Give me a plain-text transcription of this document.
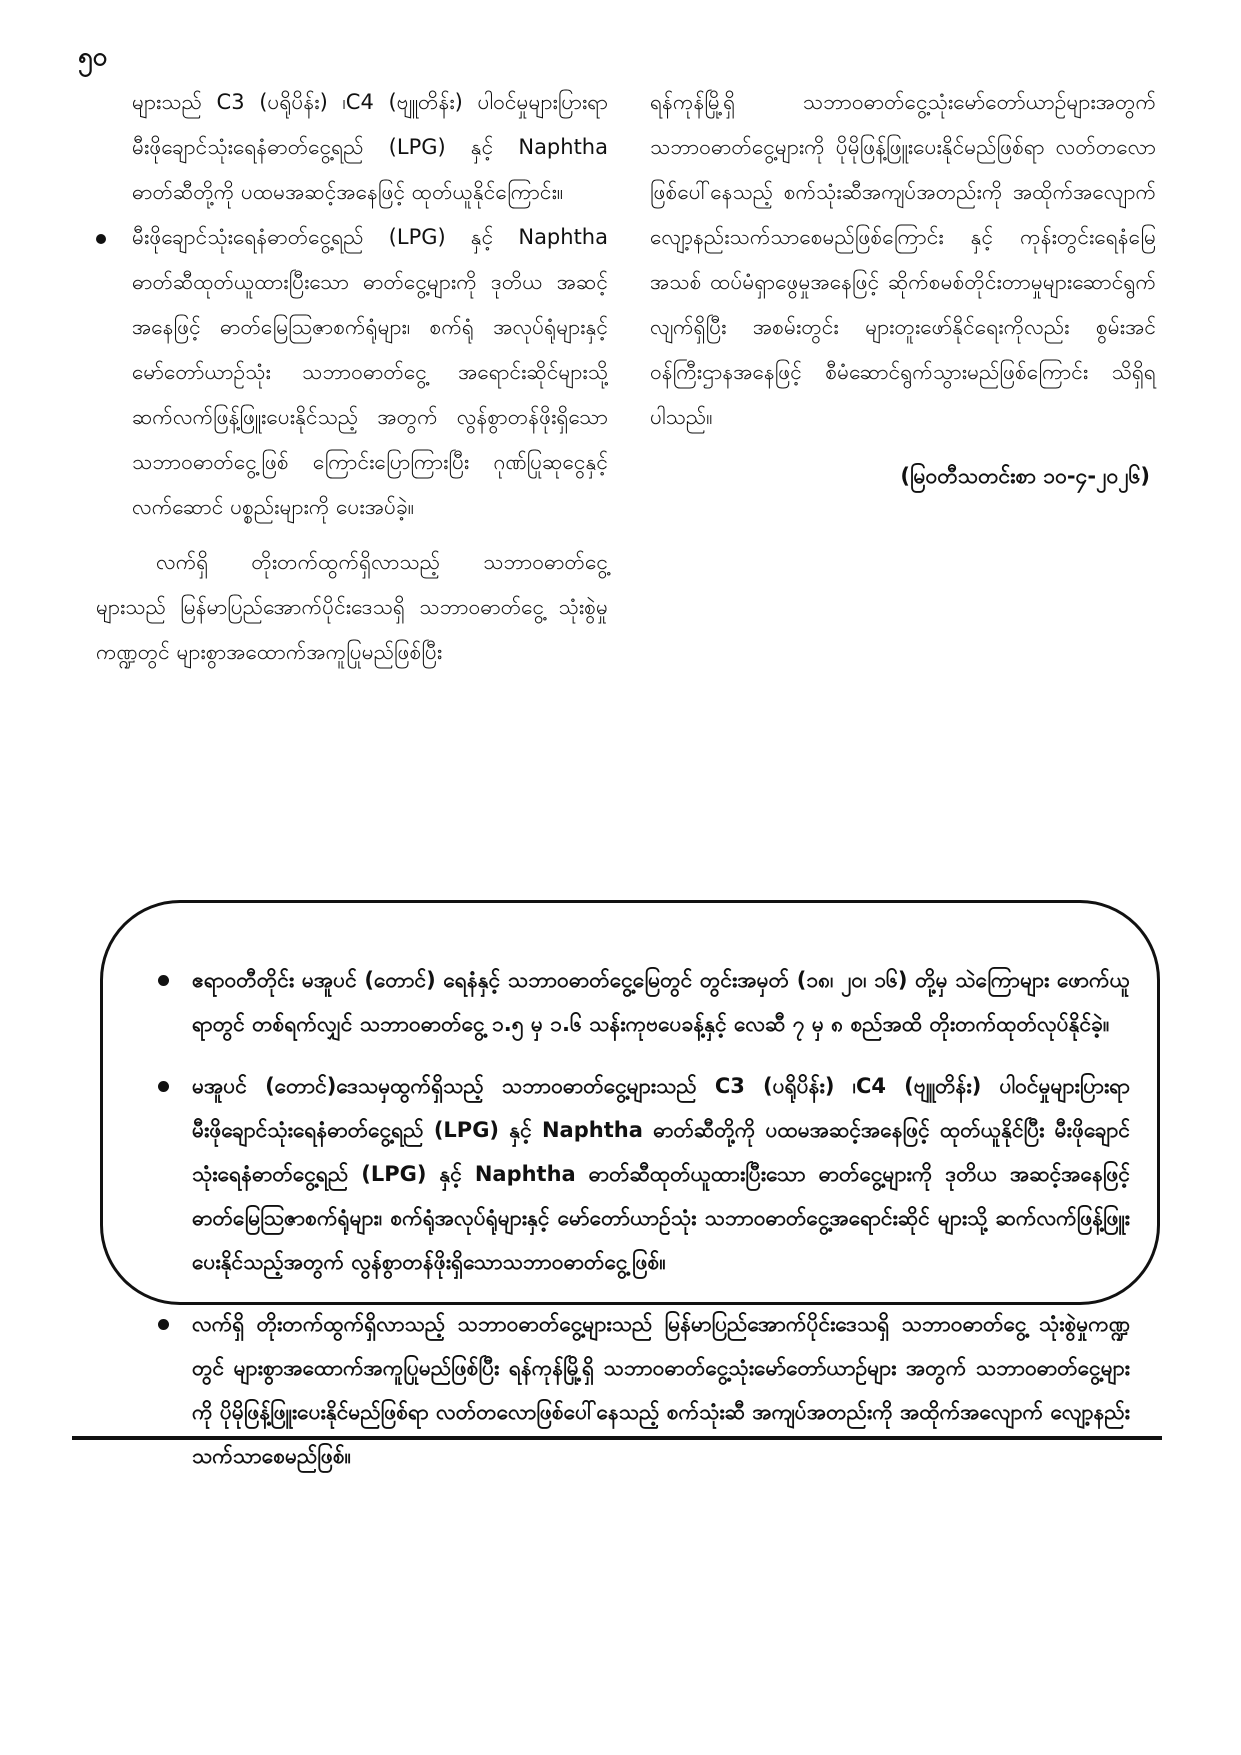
၅၀

များသည် C3 (ပရိုပိန်း) ၊C4 (ဗျူတိန်း) ပါဝင်မှုများပြားရာ မီးဖိုချောင်သုံးရေနံဓာတ်ငွေ့ရည် (LPG) နှင့် Naphtha ဓာတ်ဆီတို့ကို ပထမအဆင့်အနေဖြင့် ထုတ်ယူနိုင်ကြောင်း။

မီးဖိုချောင်သုံးရေနံဓာတ်ငွေ့ရည် (LPG) နှင့် Naphtha ဓာတ်ဆီထုတ်ယူထားပြီးသော ဓာတ်ငွေ့များကို ဒုတိယ အဆင့်အနေဖြင့် ဓာတ်မြေသြဇာစက်ရုံများ၊ စက်ရုံ အလုပ်ရုံများနှင့် မော်တော်ယာဉ်သုံး သဘာဝဓာတ်ငွေ့ အရောင်းဆိုင်များသို့ ဆက်လက်ဖြန့်ဖြူးပေးနိုင်သည့် အတွက် လွန်စွာတန်ဖိုးရှိသော သဘာဝဓာတ်ငွေ့ဖြစ် ကြောင်းပြောကြားပြီး ဂုဏ်ပြုဆုငွေနှင့် လက်ဆောင် ပစ္စည်းများကို ပေးအပ်ခဲ့။

လက်ရှိ တိုးတက်ထွက်ရှိလာသည့် သဘာဝဓာတ်ငွေ့ များသည် မြန်မာပြည်အောက်ပိုင်းဒေသရှိ သဘာဝဓာတ်ငွေ့ သုံးစွဲမှုကဏ္ဍတွင် များစွာအထောက်အကူပြုမည်ဖြစ်ပြီး

ရန်ကုန်မြို့ရှိ သဘာဝဓာတ်ငွေ့သုံးမော်တော်ယာဉ်များအတွက် သဘာဝဓာတ်ငွေ့များကို ပိုမိုဖြန့်ဖြူးပေးနိုင်မည်ဖြစ်ရာ လတ်တလောဖြစ်ပေါ်နေသည့် စက်သုံးဆီအကျပ်အတည်းကို အထိုက်အလျောက် လျော့နည်းသက်သာစေမည်ဖြစ်ကြောင်း နှင့် ကုန်းတွင်းရေနံမြေအသစ် ထပ်မံရှာဖွေမှုအနေဖြင့် ဆိုက်စမစ်တိုင်းတာမှုများဆောင်ရွက်လျက်ရှိပြီး အစမ်းတွင်း များတူးဖော်နိုင်ရေးကိုလည်း စွမ်းအင်ဝန်ကြီးဌာနအနေဖြင့် စီမံဆောင်ရွက်သွားမည်ဖြစ်ကြောင်း သိရှိရပါသည်။

(မြဝတီသတင်းစာ ၁၀-၄-၂၀၂၆)

ဧရာဝတီတိုင်း မအူပင် (တောင်) ရေနံနှင့် သဘာဝဓာတ်ငွေ့မြေတွင် တွင်းအမှတ် (၁၈၊ ၂၀၊ ၁၆) တို့မှ သဲကြောများ ဖောက်ယူရာတွင် တစ်ရက်လျှင် သဘာဝဓာတ်ငွေ့ ၁.၅ မှ ၁.၆ သန်းကုဗပေခန့်နှင့် လေဆီ ၇ မှ ၈ စည်အထိ တိုးတက်ထုတ်လုပ်နိုင်ခဲ့။
မအူပင် (တောင်)ဒေသမှထွက်ရှိသည့် သဘာဝဓာတ်ငွေ့များသည် C3 (ပရိုပိန်း) ၊C4 (ဗျူတိန်း) ပါဝင်မှုများပြားရာ မီးဖိုချောင်သုံးရေနံဓာတ်ငွေ့ရည် (LPG) နှင့် Naphtha ဓာတ်ဆီတို့ကို ပထမအဆင့်အနေဖြင့် ထုတ်ယူနိုင်ပြီး မီးဖိုချောင်သုံးရေနံဓာတ်ငွေ့ရည် (LPG) နှင့် Naphtha ဓာတ်ဆီထုတ်ယူထားပြီးသော ဓာတ်ငွေ့များကို ဒုတိယ အဆင့်အနေဖြင့် ဓာတ်မြေသြဇာစက်ရုံများ၊ စက်ရုံအလုပ်ရုံများနှင့် မော်တော်ယာဉ်သုံး သဘာဝဓာတ်ငွေ့အရောင်းဆိုင် များသို့ ဆက်လက်ဖြန့်ဖြူးပေးနိုင်သည့်အတွက် လွန်စွာတန်ဖိုးရှိသောသဘာဝဓာတ်ငွေ့ဖြစ်။
လက်ရှိ တိုးတက်ထွက်ရှိလာသည့် သဘာဝဓာတ်ငွေ့များသည် မြန်မာပြည်အောက်ပိုင်းဒေသရှိ သဘာဝဓာတ်ငွေ့ သုံးစွဲမှုကဏ္ဍတွင် များစွာအထောက်အကူပြုမည်ဖြစ်ပြီး ရန်ကုန်မြို့ရှိ သဘာဝဓာတ်ငွေ့သုံးမော်တော်ယာဉ်များ အတွက် သဘာဝဓာတ်ငွေ့များကို ပိုမိုဖြန့်ဖြူးပေးနိုင်မည်ဖြစ်ရာ လတ်တလောဖြစ်ပေါ်နေသည့် စက်သုံးဆီ အကျပ်အတည်းကို အထိုက်အလျောက် လျော့နည်းသက်သာစေမည်ဖြစ်။
